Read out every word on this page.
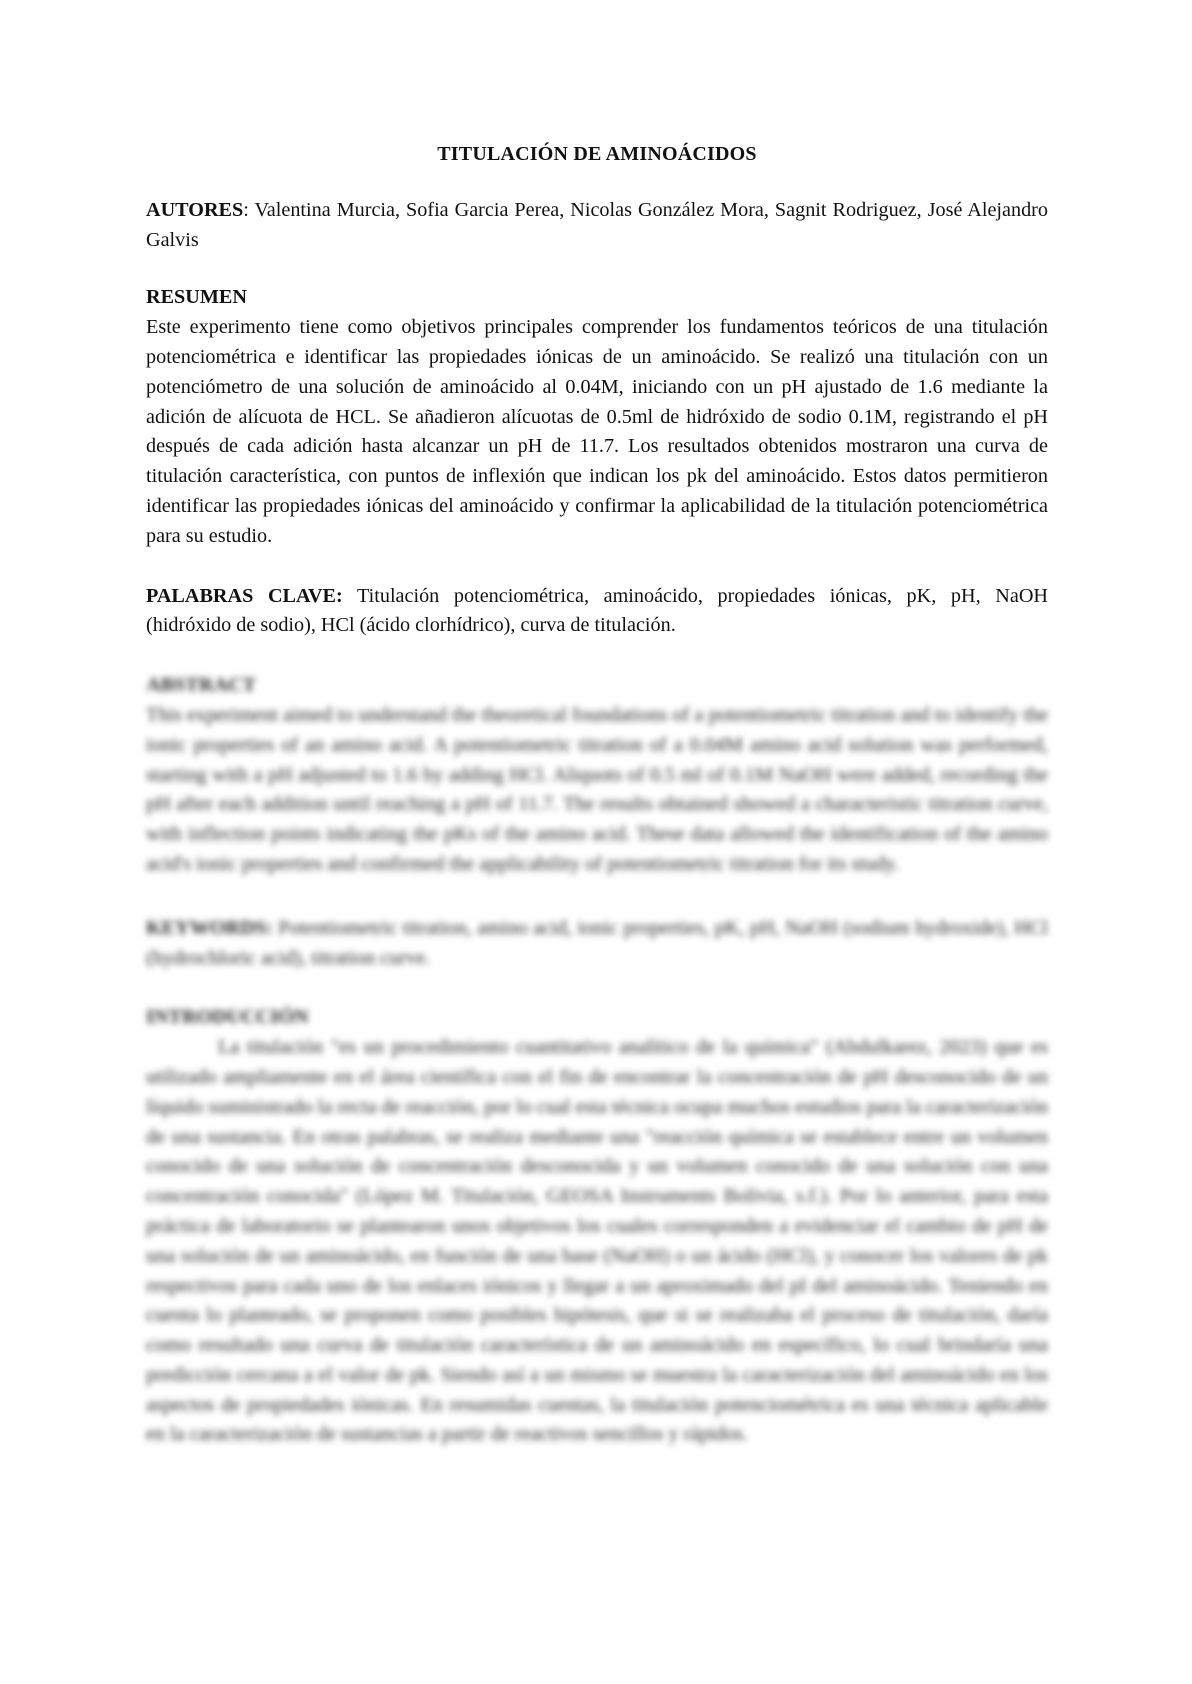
TITULACIÓN DE AMINOÁCIDOS

AUTORES: Valentina Murcia, Sofia Garcia Perea, Nicolas González Mora, Sagnit Rodriguez, José Alejandro Galvis

RESUMEN

Este experimento tiene como objetivos principales comprender los fundamentos teóricos de una titulación potenciométrica e identificar las propiedades iónicas de un aminoácido. Se realizó una titulación con un potenciómetro de una solución de aminoácido al 0.04M, iniciando con un pH ajustado de 1.6 mediante la adición de alícuota de HCL. Se añadieron alícuotas de 0.5ml de hidróxido de sodio 0.1M, registrando el pH después de cada adición hasta alcanzar un pH de 11.7. Los resultados obtenidos mostraron una curva de titulación característica, con puntos de inflexión que indican los pk del aminoácido. Estos datos permitieron identificar las propiedades iónicas del aminoácido y confirmar la aplicabilidad de la titulación potenciométrica para su estudio.

PALABRAS CLAVE: Titulación potenciométrica, aminoácido, propiedades iónicas, pK, pH, NaOH (hidróxido de sodio), HCl (ácido clorhídrico), curva de titulación.

ABSTRACT

This experiment aimed to understand the theoretical foundations of a potentiometric titration and to identify the ionic properties of an amino acid. A potentiometric titration of a 0.04M amino acid solution was performed, starting with a pH adjusted to 1.6 by adding HCl. Aliquots of 0.5 ml of 0.1M NaOH were added, recording the pH after each addition until reaching a pH of 11.7. The results obtained showed a characteristic titration curve, with inflection points indicating the pKs of the amino acid. These data allowed the identification of the amino acid's ionic properties and confirmed the applicability of potentiometric titration for its study.

KEYWORDS: Potentiometric titration, amino acid, ionic properties, pK, pH, NaOH (sodium hydroxide), HCl (hydrochloric acid), titration curve.

INTRODUCCIÓN

La titulación "es un procedimiento cuantitativo analítico de la química" (Abdulkarez, 2023) que es utilizado ampliamente en el área científica con el fin de encontrar la concentración de pH desconocido de un líquido suministrado la recta de reacción, por lo cual esta técnica ocupa muchos estudios para la caracterización de una sustancia. En otras palabras, se realiza mediante una "reacción química se establece entre un volumen conocido de una solución de concentración desconocida y un volumen conocido de una solución con una concentración conocida" (López M. Titulación, GEOSA Instruments Bolivia, s.f.). Por lo anterior, para esta práctica de laboratorio se plantearon unos objetivos los cuales corresponden a evidenciar el cambio de pH de una solución de un aminoácido, en función de una base (NaOH) o un ácido (HCl), y conocer los valores de pk respectivos para cada uno de los enlaces iónicos y llegar a un aproximado del pI del aminoácido. Teniendo en cuenta lo planteado, se proponen como posibles hipótesis, que si se realizaba el proceso de titulación, daría como resultado una curva de titulación característica de un aminoácido en específico, lo cual brindaría una predicción cercana a el valor de pk. Siendo así a un mismo se muestra la caracterización del aminoácido en los aspectos de propiedades iónicas. En resumidas cuentas, la titulación potenciométrica es una técnica aplicable en la caracterización de sustancias a partir de reactivos sencillos y rápidos.
